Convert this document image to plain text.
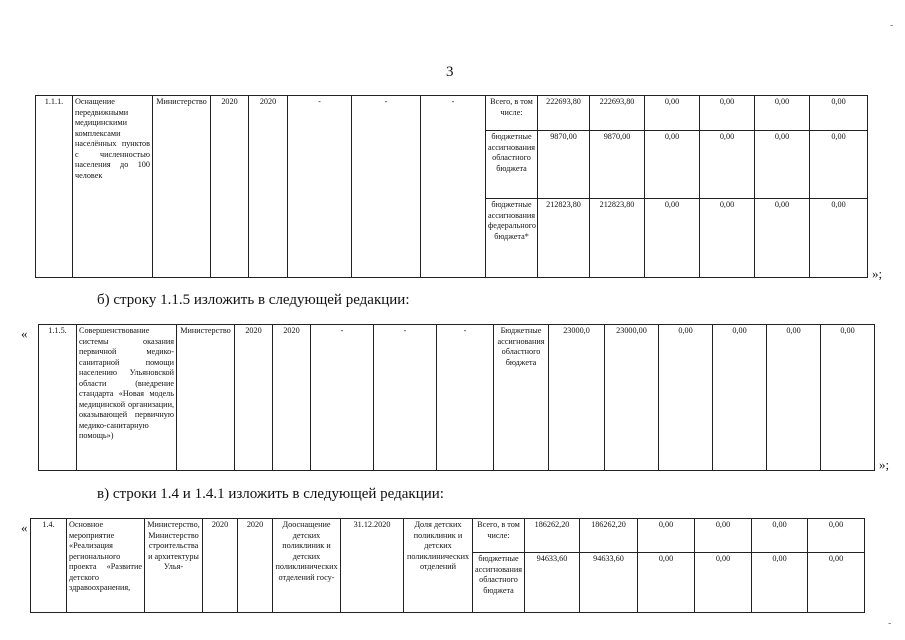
3
1.1.1.	Оснащение передвижными медицинскими комплексами населённых пунктов с численностью населения до 100 человек	Министерство	2020	2020	-	-	-	Всего, в том числе:	222693,80	222693,80	0,00	0,00	0,00	0,00
								бюджетные ассигнования областного бюджета	9870,00	9870,00	0,00	0,00	0,00	0,00
								бюджетные ассигнования федерального бюджета*	212823,80	212823,80	0,00	0,00	0,00	0,00
»;
б) строку 1.1.5 изложить в следующей редакции:
«	1.1.5.	Совершенствование системы оказания первичной медико-санитарной помощи населению Ульяновской области (внедрение стандарта «Новая модель медицинской организации, оказывающей первичную медико-санитарную помощь»)	Министерство	2020	2020	-	-	-	Бюджетные ассигнования областного бюджета	23000,0	23000,00	0,00	0,00	0,00	0,00
»;
в) строки 1.4 и 1.4.1 изложить в следующей редакции:
« 1.4.	Основное мероприятие «Реализация регионального проекта «Развитие детского здравоохранения,	Министерство, Министерство строительства и архитектуры Улья-	2020	2020	Дооснащение детских поликлиник и детских поликлинических отделений госу-	31.12.2020	Доля детских поликлиник и детских поликлинических отделений	Всего, в том числе:	186262,20	186262,20	0,00	0,00	0,00	0,00
								бюджетные ассигнования областного бюджета	94633,60	94633,60	0,00	0,00	0,00	0,00
-
-
